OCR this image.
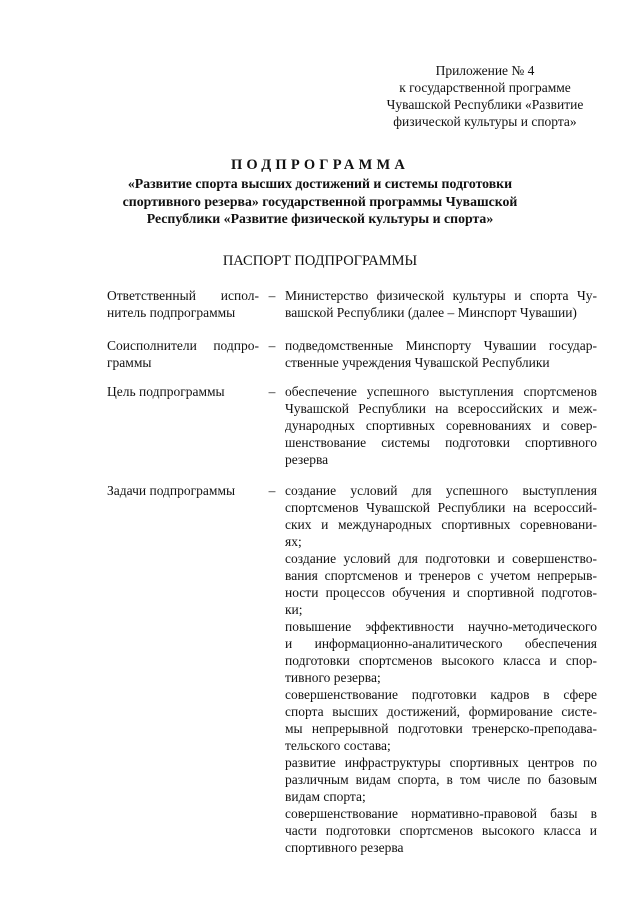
Приложение № 4
к государственной программе
Чувашской Республики «Развитие
физической культуры и спорта»
ПОДПРОГРАММА
«Развитие спорта высших достижений и системы подготовки
спортивного резерва» государственной программы Чувашской
Республики «Развитие физической культуры и спорта»
ПАСПОРТ ПОДПРОГРАММЫ
Ответственный испол-
нитель подпрограммы
– Министерство физической культуры и спорта Чу-
вашской Республики (далее – Минспорт Чувашии)
Соисполнители подпро-
граммы
– подведомственные Минспорту Чувашии государ-
ственные учреждения Чувашской Республики
Цель подпрограммы	– обеспечение успешного выступления спортсменов
Чувашской Республики на всероссийских и меж-
дународных спортивных соревнованиях и совер-
шенствование системы подготовки спортивного
резерва
Задачи подпрограммы	– создание условий для успешного выступления
спортсменов Чувашской Республики на всероссий-
ских и международных спортивных соревновани-
ях;
создание условий для подготовки и совершенство-
вания спортсменов и тренеров с учетом непрерыв-
ности процессов обучения и спортивной подготов-
ки;
повышение эффективности научно-методического
и информационно-аналитического обеспечения
подготовки спортсменов высокого класса и спор-
тивного резерва;
совершенствование подготовки кадров в сфере
спорта высших достижений, формирование систе-
мы непрерывной подготовки тренерско-преподава-
тельского состава;
развитие инфраструктуры спортивных центров по
различным видам спорта, в том числе по базовым
видам спорта;
совершенствование нормативно-правовой базы в
части подготовки спортсменов высокого класса и
спортивного резерва
